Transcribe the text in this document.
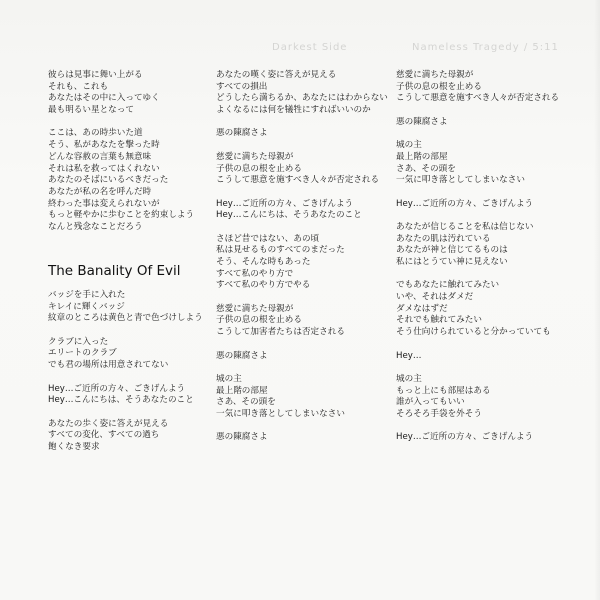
Darkest Side	Nameless Tragedy / 5:11
彼らは見事に舞い上がる
それも、これも
あなたはその中に入ってゆく
最も明るい星となって
ここは、あの時歩いた道
そう、私があなたを撃った時
どんな容赦の言葉も無意味
それは私を救ってはくれない
あなたのそばにいるべきだった
あなたが私の名を呼んだ時
終わった事は変えられないが
もっと軽やかに歩むことを約束しよう
なんと残念なことだろう
The Banality Of Evil
バッジを手に入れた
キレイに輝くバッジ
紋章のところは黄色と青で色づけしよう
クラブに入った
エリートのクラブ
でも君の場所は用意されてない
Hey…ご近所の方々、ごきげんよう
Hey…こんにちは、そうあなたのこと
あなたの歩く姿に答えが見える
すべての変化、すべての過ち
飽くなき要求
あなたの嘆く姿に答えが見える
すべての損出
どうしたら満ちるか、あなたにはわからない
よくなるには何を犠牲にすればいいのか
悪の陳腐さよ
慈愛に満ちた母親が
子供の息の根を止める
こうして悪意を施すべき人々が否定される
Hey…ご近所の方々、ごきげんよう
Hey…こんにちは、そうあなたのこと
さほど昔ではない、あの頃
私は見せるものすべてのまだった
そう、そんな時もあった
すべて私のやり方で
すべて私のやり方でやる
慈愛に満ちた母親が
子供の息の根を止める
こうして加害者たちは否定される
悪の陳腐さよ
城の主
最上階の部屋
さあ、その頭を
一気に叩き落としてしまいなさい
悪の陳腐さよ
慈愛に満ちた母親が
子供の息の根を止める
こうして悪意を施すべき人々が否定される
悪の陳腐さよ
城の主
最上階の部屋
さあ、その頭を
一気に叩き落としてしまいなさい
Hey…ご近所の方々、ごきげんよう
あなたが信じることを私は信じない
あなたの肌は汚れている
あなたが神と信じてるものは
私にはとうてい神に見えない
でもあなたに触れてみたい
いや、それはダメだ
ダメなはずだ
それでも触れてみたい
そう仕向けられていると分かっていても
Hey…
城の主
もっと上にも部屋はある
誰が入ってもいい
そろそろ手袋を外そう
Hey…ご近所の方々、ごきげんよう
